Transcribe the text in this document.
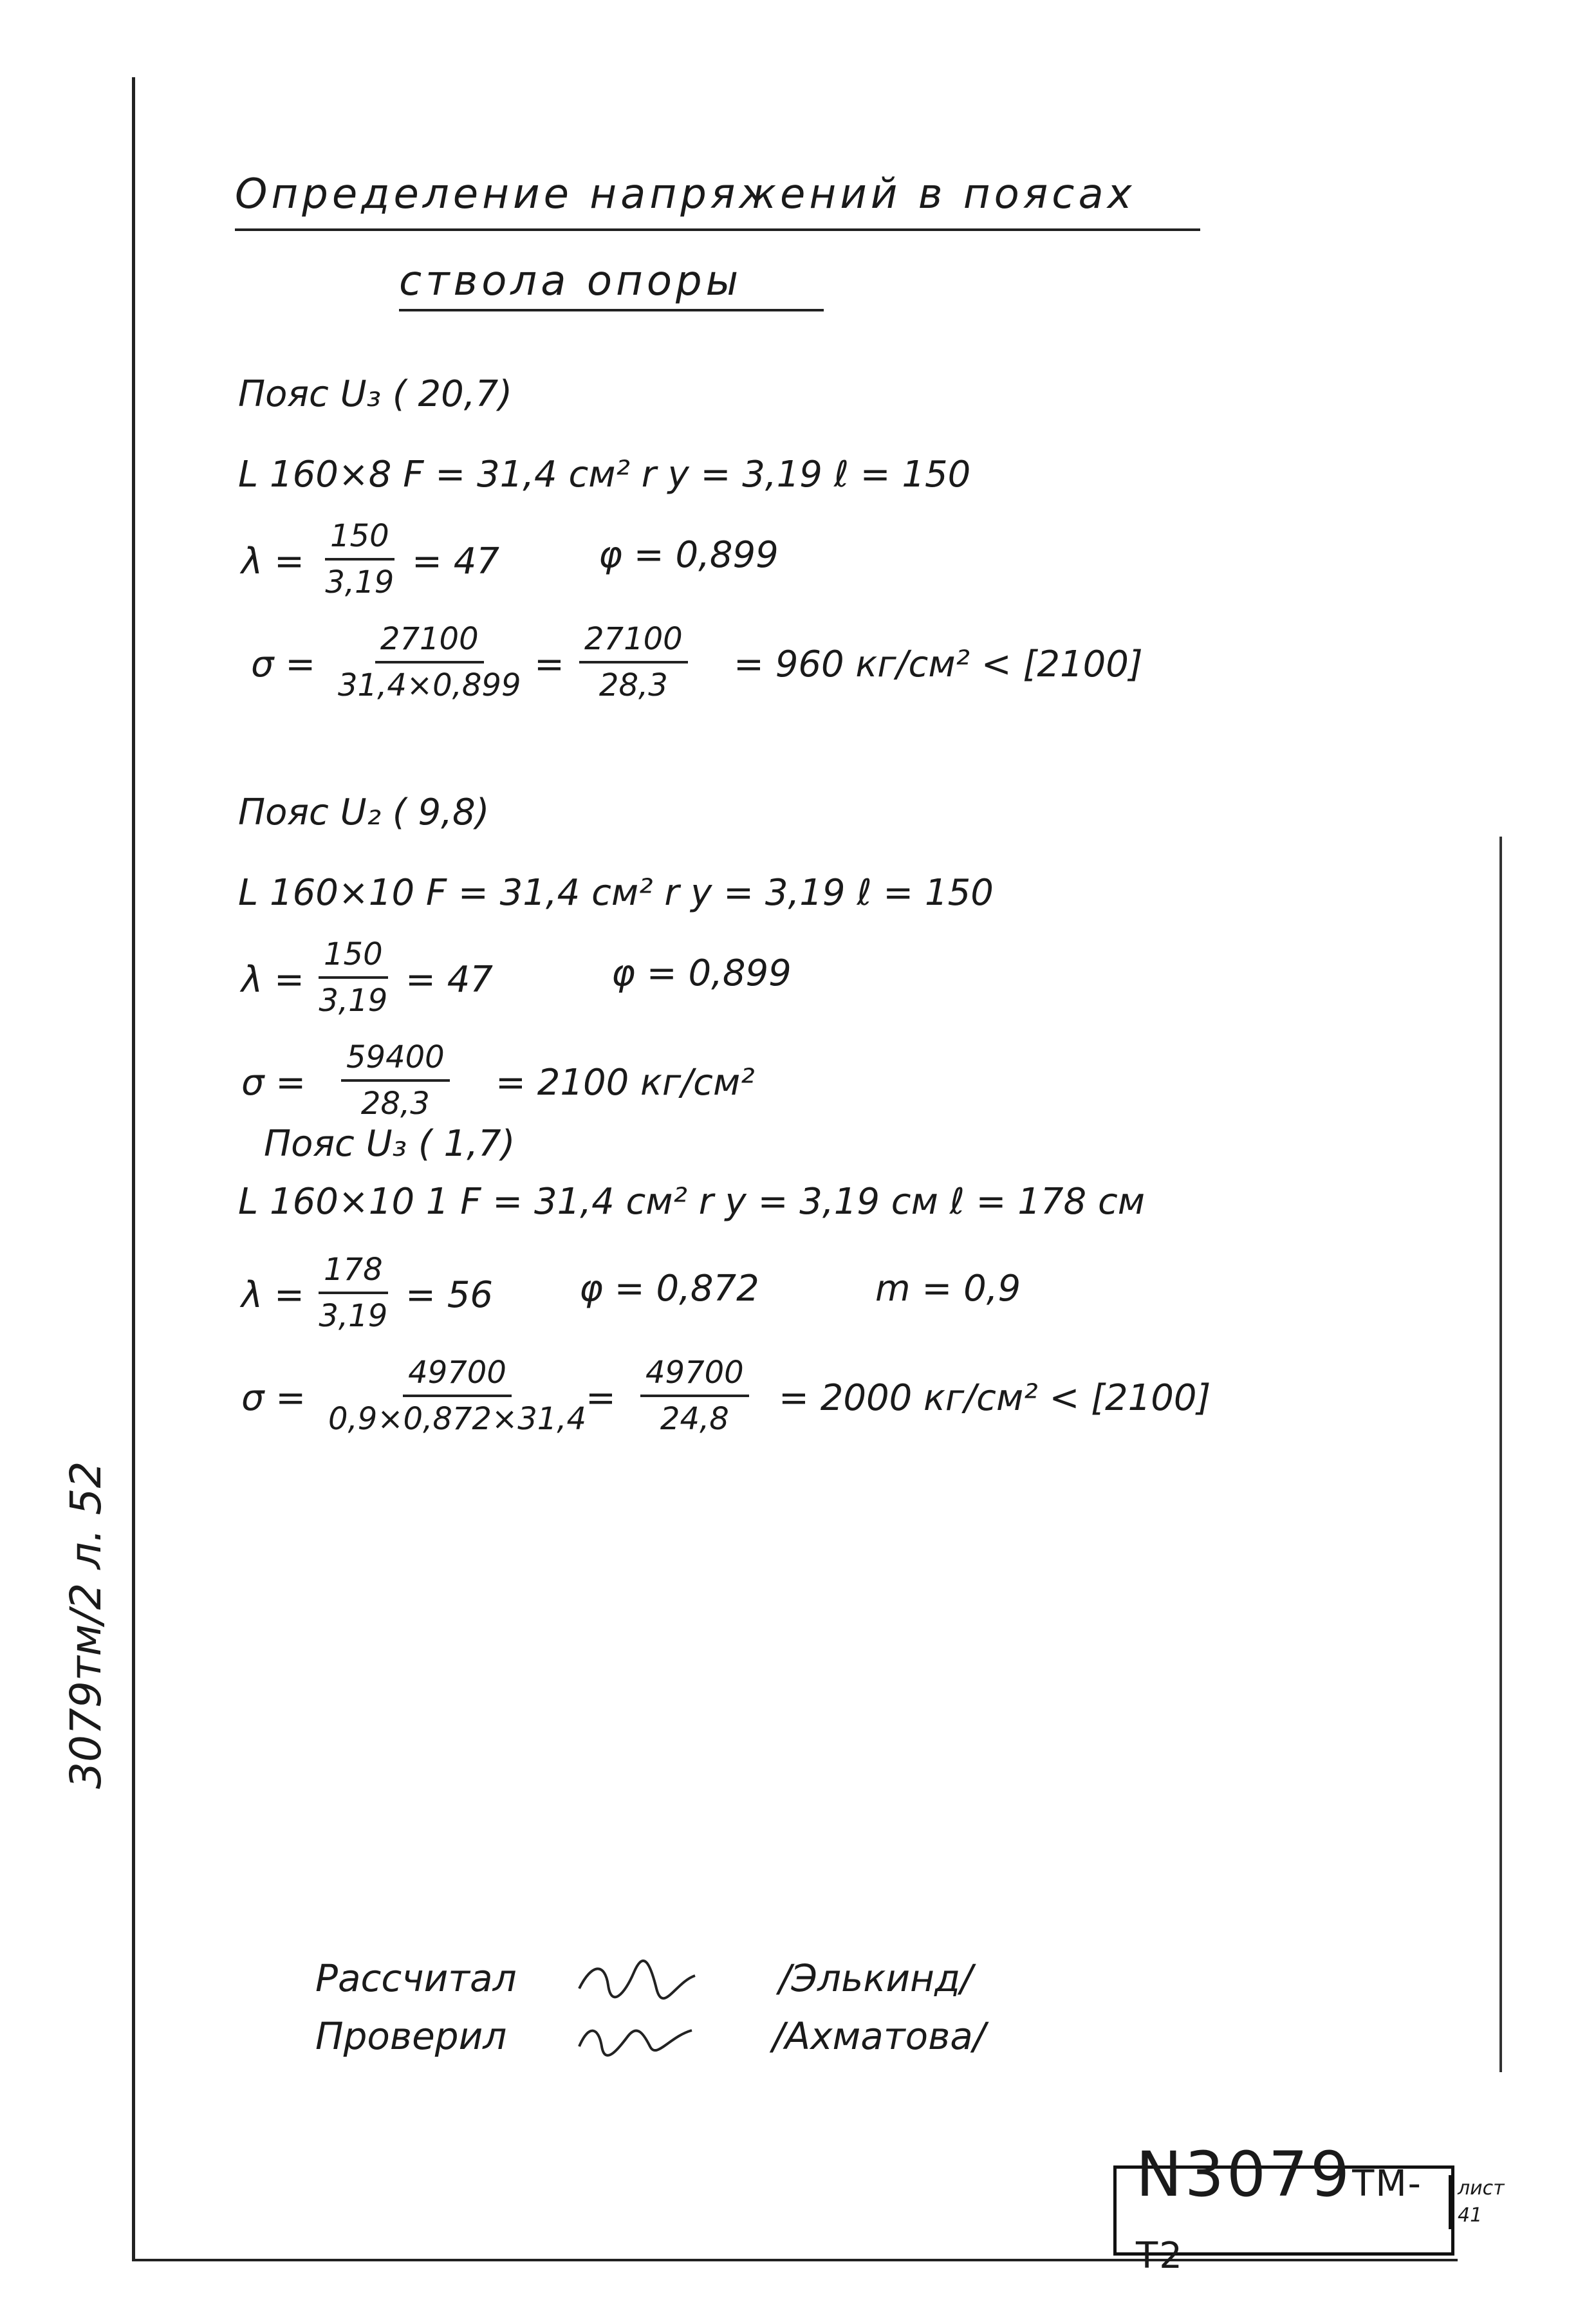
Определение напряжений в поясах
ствола опоры
Пояс U₃ ( 20,7)
L 160×8 F = 31,4 см² r y = 3,19 ℓ = 150
$\lambda = \frac{150}{3,19} = 47$	φ = 0,899
$\sigma = \frac{27100}{31,4\times 0,899} = \frac{27100}{28,3} = 960$ кг/см² < [2100]
Пояс U₂ ( 9,8)
L 160×10 F = 31,4 см² r y = 3,19 ℓ = 150
$\lambda = \frac{150}{3,19} = 47$	φ = 0,899
$\sigma = \frac{59400}{28,3} = 2100$ кг/см²
Пояс U₃ ( 1,7)
L 160×10 1 F = 31,4 см² r y = 3,19 см ℓ = 178 см
$\lambda = \frac{178}{3,19} = 56$ φ = 0,872	m = 0,9
$\sigma = \frac{49700}{0,9\times 0,872\times 31,4}$
= $\frac{49700}{24,8} = 2000$ кг/см² < [2100]
3079тм/2 л. 52
Рассчитал	/Элькинд/
Проверил	/Ахматова/
N3079ТМ-Т2
лист
41
